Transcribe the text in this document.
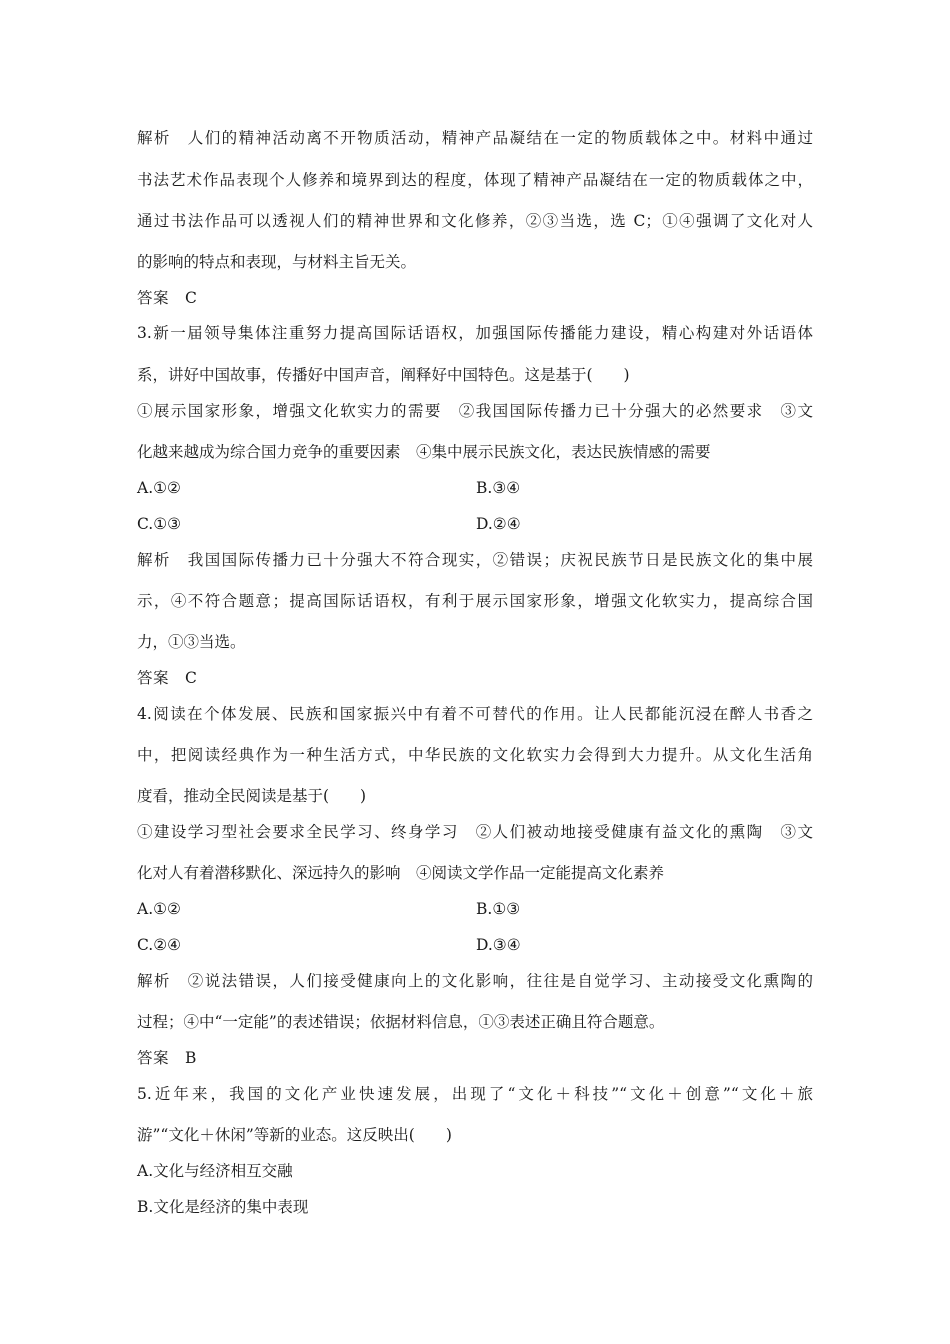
解析　人们的精神活动离不开物质活动，精神产品凝结在一定的物质载体之中。材料中通过
书法艺术作品表现个人修养和境界到达的程度，体现了精神产品凝结在一定的物质载体之中，
通过书法作品可以透视人们的精神世界和文化修养，②③当选，选 C；①④强调了文化对人
的影响的特点和表现，与材料主旨无关。
答案　C
3.新一届领导集体注重努力提高国际话语权，加强国际传播能力建设，精心构建对外话语体
系，讲好中国故事，传播好中国声音，阐释好中国特色。这是基于(　　)
①展示国家形象，增强文化软实力的需要　②我国国际传播力已十分强大的必然要求　③文
化越来越成为综合国力竞争的重要因素　④集中展示民族文化，表达民族情感的需要
A.①②	B.③④
C.①③	D.②④
解析　我国国际传播力已十分强大不符合现实，②错误；庆祝民族节日是民族文化的集中展
示，④不符合题意；提高国际话语权，有利于展示国家形象，增强文化软实力，提高综合国
力，①③当选。
答案　C
4.阅读在个体发展、民族和国家振兴中有着不可替代的作用。让人民都能沉浸在醉人书香之
中，把阅读经典作为一种生活方式，中华民族的文化软实力会得到大力提升。从文化生活角
度看，推动全民阅读是基于(　　)
①建设学习型社会要求全民学习、终身学习　②人们被动地接受健康有益文化的熏陶　③文
化对人有着潜移默化、深远持久的影响　④阅读文学作品一定能提高文化素养
A.①②	B.①③
C.②④	D.③④
解析　②说法错误，人们接受健康向上的文化影响，往往是自觉学习、主动接受文化熏陶的
过程；④中“一定能”的表述错误；依据材料信息，①③表述正确且符合题意。
答案　B
5.近年来，我国的文化产业快速发展，出现了“文化＋科技”“文化＋创意”“文化＋旅
游”“文化＋休闲”等新的业态。这反映出(　　)
A.文化与经济相互交融
B.文化是经济的集中表现
